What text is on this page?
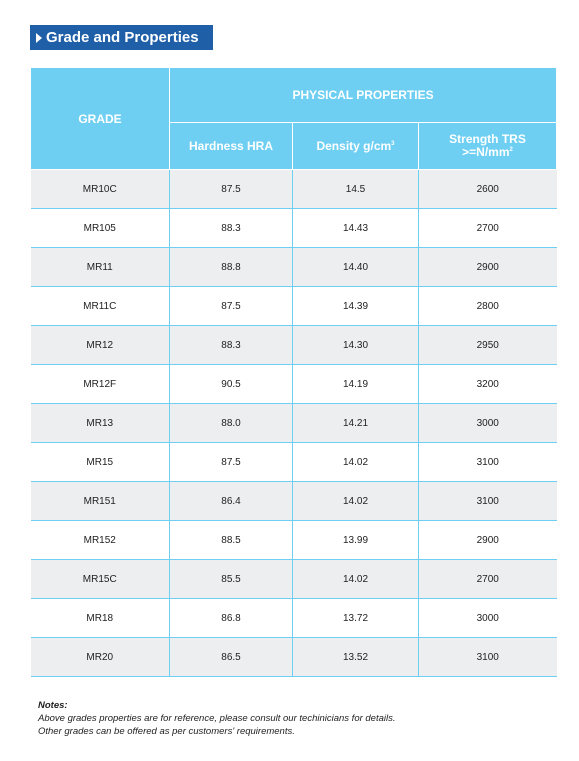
Grade and Properties
GRADE	PHYSICAL PROPERTIES		
	Hardness HRA	Density $g/cm^3$	Strength TRS
$>=N/mm^2$
MR10C	87.5	14.5	2600
MR105	88.3	14.43	2700
MR11	88.8	14.40	2900
MR11C	87.5	14.39	2800
MR12	88.3	14.30	2950
MR12F	90.5	14.19	3200
MR13	88.0	14.21	3000
MR15	87.5	14.02	3100
MR151	86.4	14.02	3100
MR152	88.5	13.99	2900
MR15C	85.5	14.02	2700
MR18	86.8	13.72	3000
MR20	86.5	13.52	3100
Notes:
Above grades properties are for reference, please consult our techinicians for details.
Other grades can be offered as per customers' requirements.
